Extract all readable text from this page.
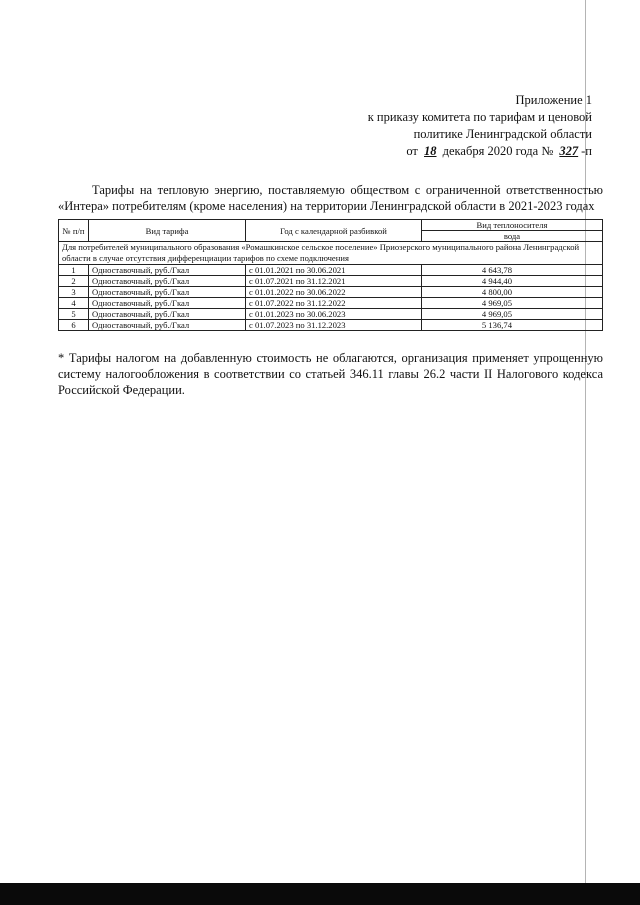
Приложение 1
к приказу комитета по тарифам и ценовой
политике Ленинградской области
от 18 декабря 2020 года № 327 -п
Тарифы на тепловую энергию, поставляемую обществом с ограниченной ответственностью «Интера» потребителям (кроме населения) на территории Ленинградской области в 2021-2023 годах
№ п/п	Вид тарифа	Год с календарной разбивкой	Вид теплоносителя
			вода
Для потребителей муниципального образования «Ромашкинское сельское поселение» Приозерского муниципального района Ленинградской области в случае отсутствия дифференциации тарифов по схеме подключения			
1	Одноставочный, руб./Гкал	с 01.01.2021 по 30.06.2021	4 643,78
2	Одноставочный, руб./Гкал	с 01.07.2021 по 31.12.2021	4 944,40
3	Одноставочный, руб./Гкал	с 01.01.2022 по 30.06.2022	4 800,00
4	Одноставочный, руб./Гкал	с 01.07.2022 по 31.12.2022	4 969,05
5	Одноставочный, руб./Гкал	с 01.01.2023 по 30.06.2023	4 969,05
6	Одноставочный, руб./Гкал	с 01.07.2023 по 31.12.2023	5 136,74
* Тарифы налогом на добавленную стоимость не облагаются, организация применяет упрощенную систему налогообложения в соответствии со статьей 346.11 главы 26.2 части II Налогового кодекса Российской Федерации.
